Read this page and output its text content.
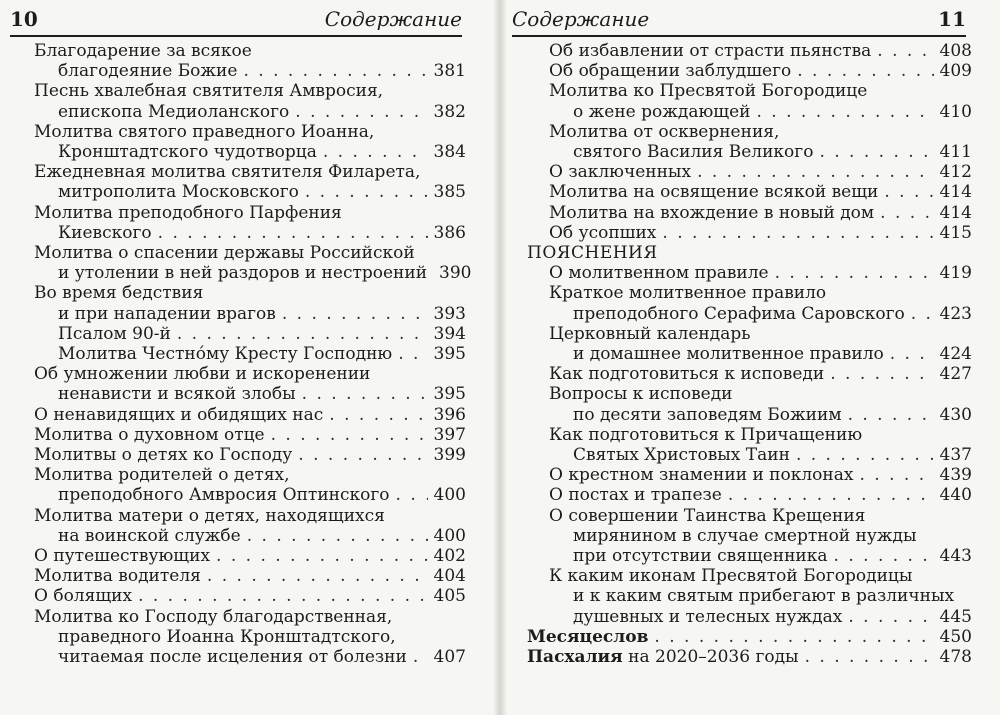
10	Содержание
Благодарение за всякое
благодеяние Божие . . .	381
Песнь хвалебная святителя Амвросия,
епископа Медиоланского . . .	382
Молитва святого праведного Иоанна,
Кронштадтского чудотворца . . .	384
Ежедневная молитва святителя Филарета,
митрополита Московского . . .	385
Молитва преподобного Парфения
Киевского . . .	386
Молитва о спасении державы Российской
и утолении в ней раздоров и нестроений 390
Во время бедствия
и при нападении врагов . . .	393
Псалом 90-й . . .	394
Молитва Честно́му Кресту Господню . . . 395
Об умножении любви и искоренении
ненависти и всякой злобы . . .	395
О ненавидящих и обидящих нас . . .	396
Молитва о духовном отце . . .	397
Молитвы о детях ко Господу . . .	399
Молитва родителей о детях,
преподобного Амвросия Оптинского . . .	400
Молитва матери о детях, находящихся
на воинской службе . . .	400
О путешествующих . . .	402
Молитва водителя . . .	404
О болящих . . .	405
Молитва ко Господу благодарственная,
праведного Иоанна Кронштадтского,
читаемая после исцеления от болезни . . . 407
Содержание	11
Об избавлении от страсти пьянства . . .	408
Об обращении заблудшего . . .	409
Молитва ко Пресвятой Богородице
о жене рождающей . . .	410
Молитва от осквернения,
святого Василия Великого . . .	411
О заключенных . . .	412
Молитва на освящение всякой вещи . . .	414
Молитва на вхождение в новый дом . . .	414
Об усопших . . .	415
ПОЯСНЕНИЯ
О молитвенном правиле . . .	419
Краткое молитвенное правило
преподобного Серафима Саровского . . . 423
Церковный календарь
и домашнее молитвенное правило . . .	424
Как подготовиться к исповеди . . .	427
Вопросы к исповеди
по десяти заповедям Божиим . . .	430
Как подготовиться к Причащению
Святых Христовых Таин . . .	437
О крестном знамении и поклонах . . .	439
О постах и трапезе . . .	440
О совершении Таинства Крещения
мирянином в случае смертной нужды
при отсутствии священника . . .	443
К каким иконам Пресвятой Богородицы
и к каким святым прибегают в различных
душевных и телесных нуждах . . .	445
Месяцеслов . . .	450
Пасхалия на 2020–2036 годы . . .	478
